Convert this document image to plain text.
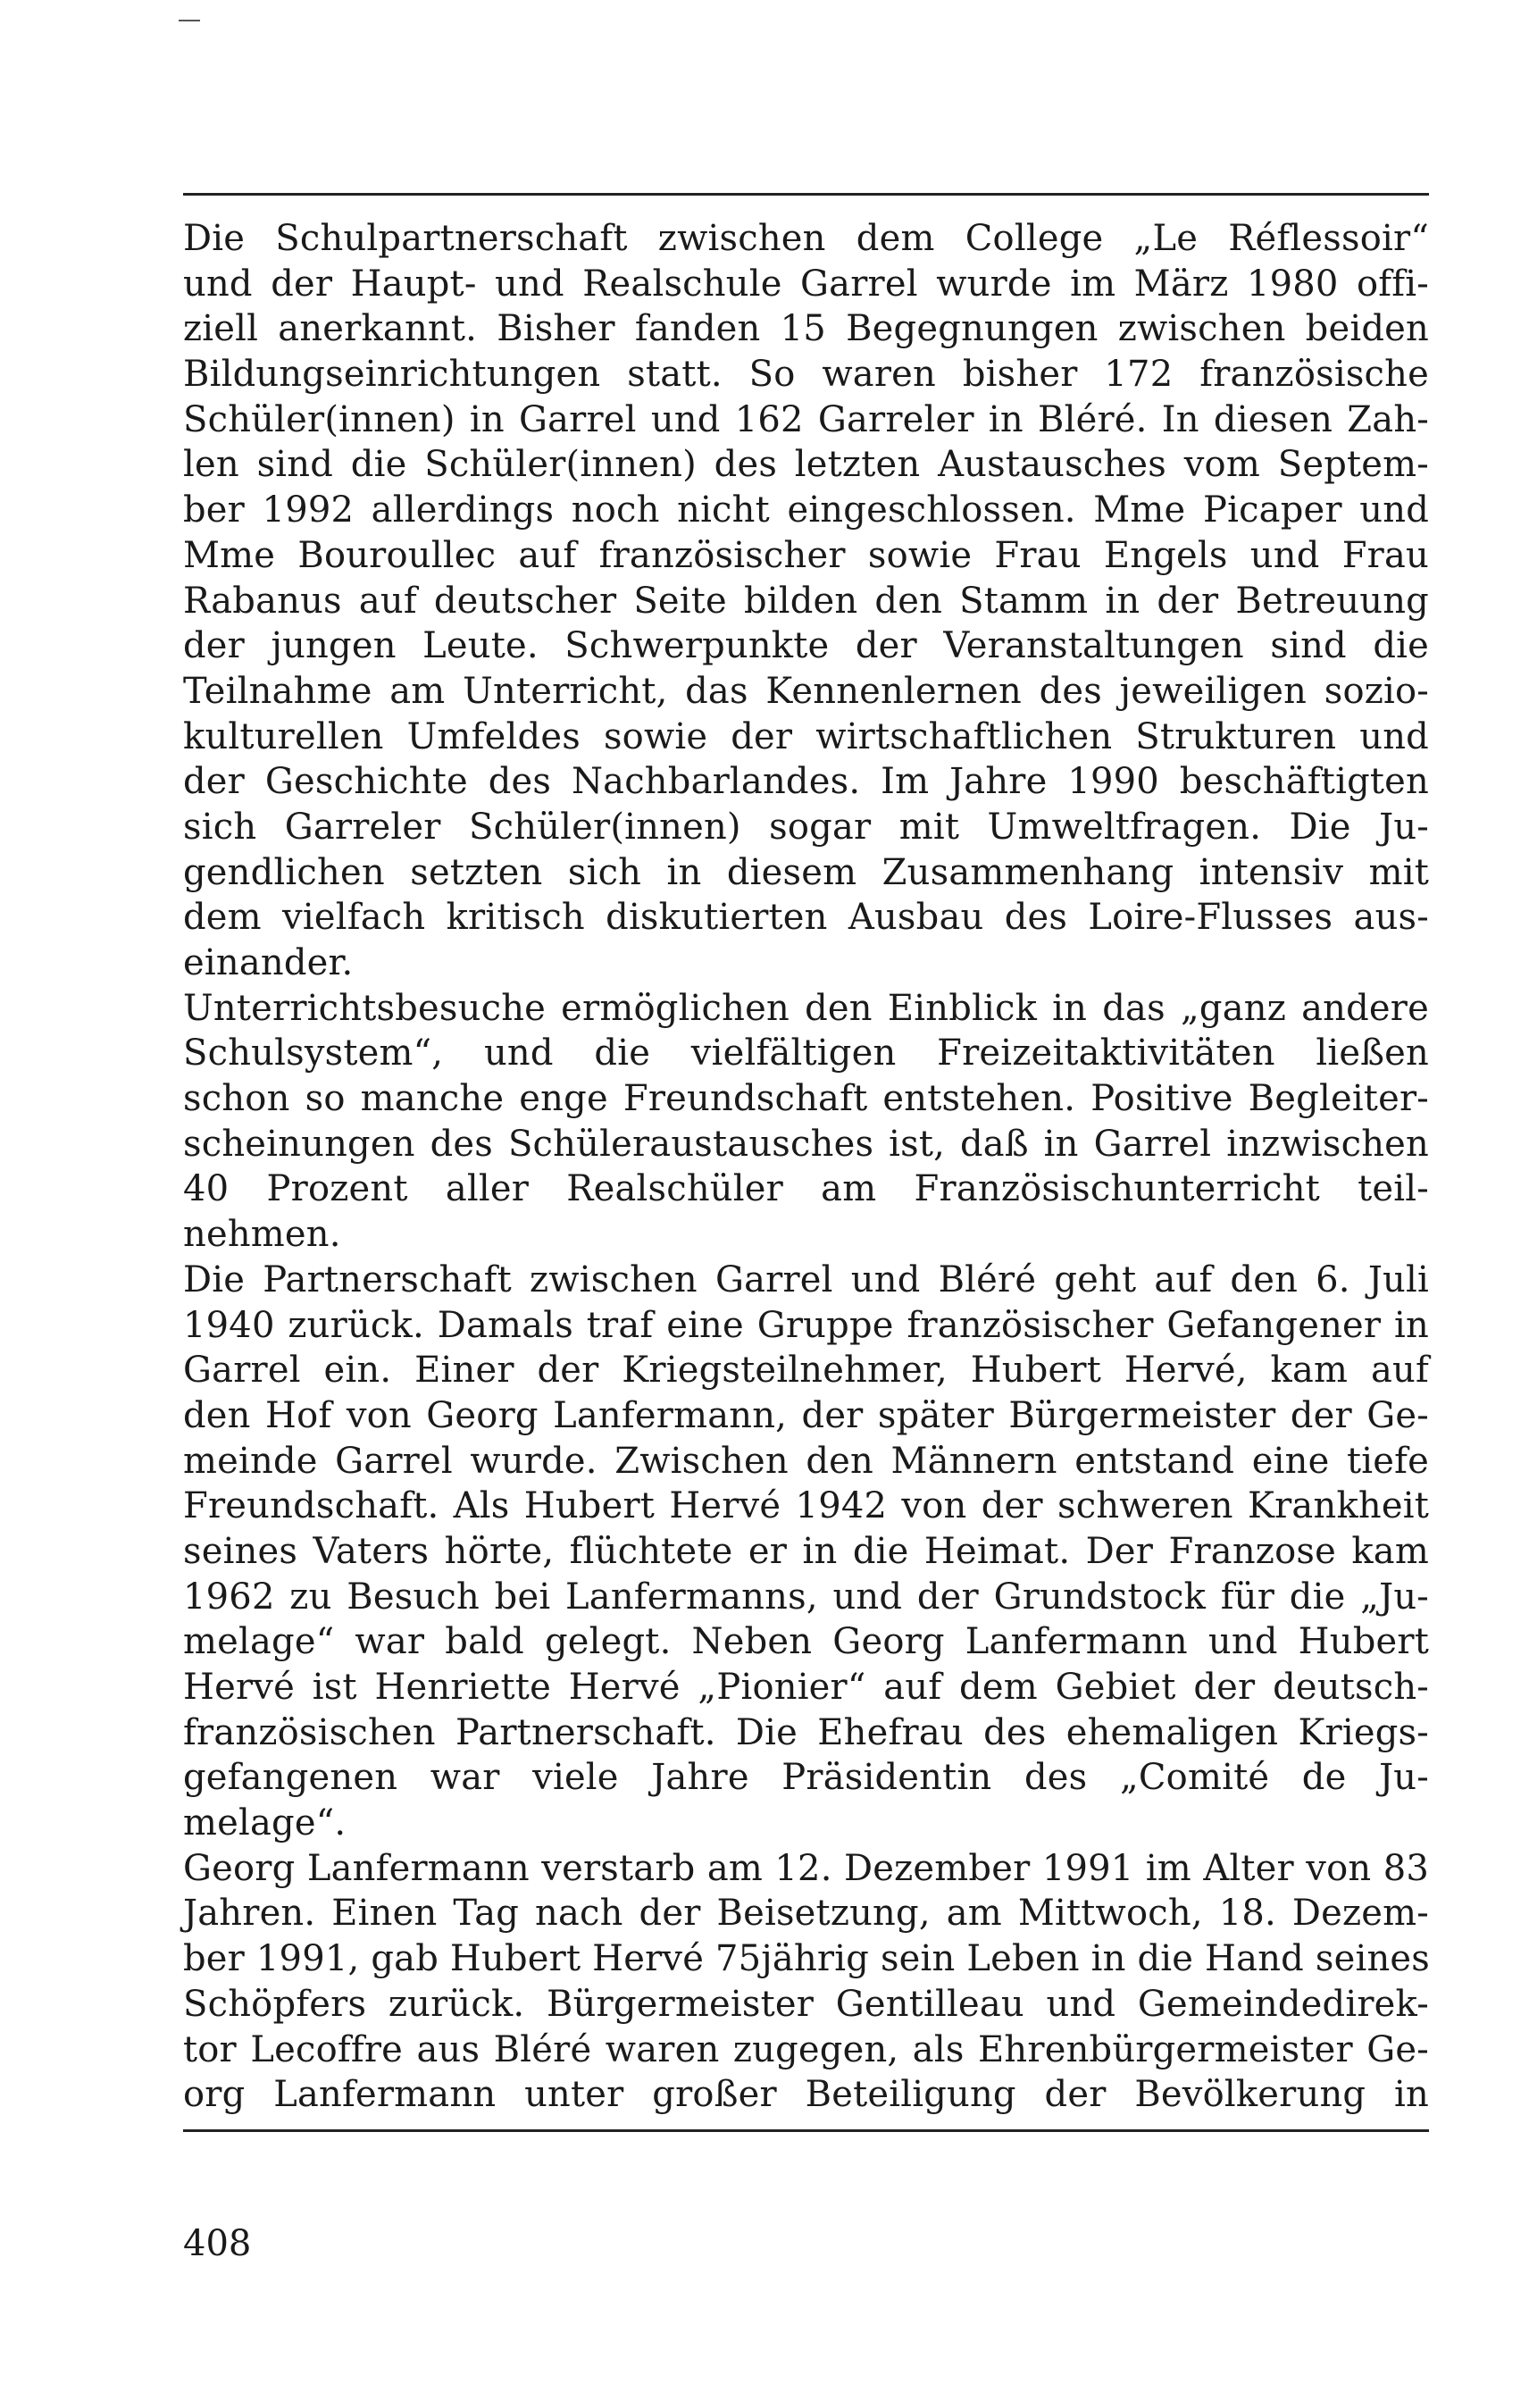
Die Schulpartnerschaft zwischen dem College „Le Réflessoir“
und der Haupt- und Realschule Garrel wurde im März 1980 offi-
ziell anerkannt. Bisher fanden 15 Begegnungen zwischen beiden
Bildungseinrichtungen statt. So waren bisher 172 französische
Schüler(innen) in Garrel und 162 Garreler in Bléré. In diesen Zah-
len sind die Schüler(innen) des letzten Austausches vom Septem-
ber 1992 allerdings noch nicht eingeschlossen. Mme Picaper und
Mme Bouroullec auf französischer sowie Frau Engels und Frau
Rabanus auf deutscher Seite bilden den Stamm in der Betreuung
der jungen Leute. Schwerpunkte der Veranstaltungen sind die
Teilnahme am Unterricht, das Kennenlernen des jeweiligen sozio-
kulturellen Umfeldes sowie der wirtschaftlichen Strukturen und
der Geschichte des Nachbarlandes. Im Jahre 1990 beschäftigten
sich Garreler Schüler(innen) sogar mit Umweltfragen. Die Ju-
gendlichen setzten sich in diesem Zusammenhang intensiv mit
dem vielfach kritisch diskutierten Ausbau des Loire-Flusses aus-
einander.
Unterrichtsbesuche ermöglichen den Einblick in das „ganz andere
Schulsystem“, und die vielfältigen Freizeitaktivitäten ließen
schon so manche enge Freundschaft entstehen. Positive Begleiter-
scheinungen des Schüleraustausches ist, daß in Garrel inzwischen
40 Prozent aller Realschüler am Französischunterricht teil-
nehmen.
Die Partnerschaft zwischen Garrel und Bléré geht auf den 6. Juli
1940 zurück. Damals traf eine Gruppe französischer Gefangener in
Garrel ein. Einer der Kriegsteilnehmer, Hubert Hervé, kam auf
den Hof von Georg Lanfermann, der später Bürgermeister der Ge-
meinde Garrel wurde. Zwischen den Männern entstand eine tiefe
Freundschaft. Als Hubert Hervé 1942 von der schweren Krankheit
seines Vaters hörte, flüchtete er in die Heimat. Der Franzose kam
1962 zu Besuch bei Lanfermanns, und der Grundstock für die „Ju-
melage“ war bald gelegt. Neben Georg Lanfermann und Hubert
Hervé ist Henriette Hervé „Pionier“ auf dem Gebiet der deutsch-
französischen Partnerschaft. Die Ehefrau des ehemaligen Kriegs-
gefangenen war viele Jahre Präsidentin des „Comité de Ju-
melage“.
Georg Lanfermann verstarb am 12. Dezember 1991 im Alter von 83
Jahren. Einen Tag nach der Beisetzung, am Mittwoch, 18. Dezem-
ber 1991, gab Hubert Hervé 75jährig sein Leben in die Hand seines
Schöpfers zurück. Bürgermeister Gentilleau und Gemeindedirek-
tor Lecoffre aus Bléré waren zugegen, als Ehrenbürgermeister Ge-
org Lanfermann unter großer Beteiligung der Bevölkerung in
408
